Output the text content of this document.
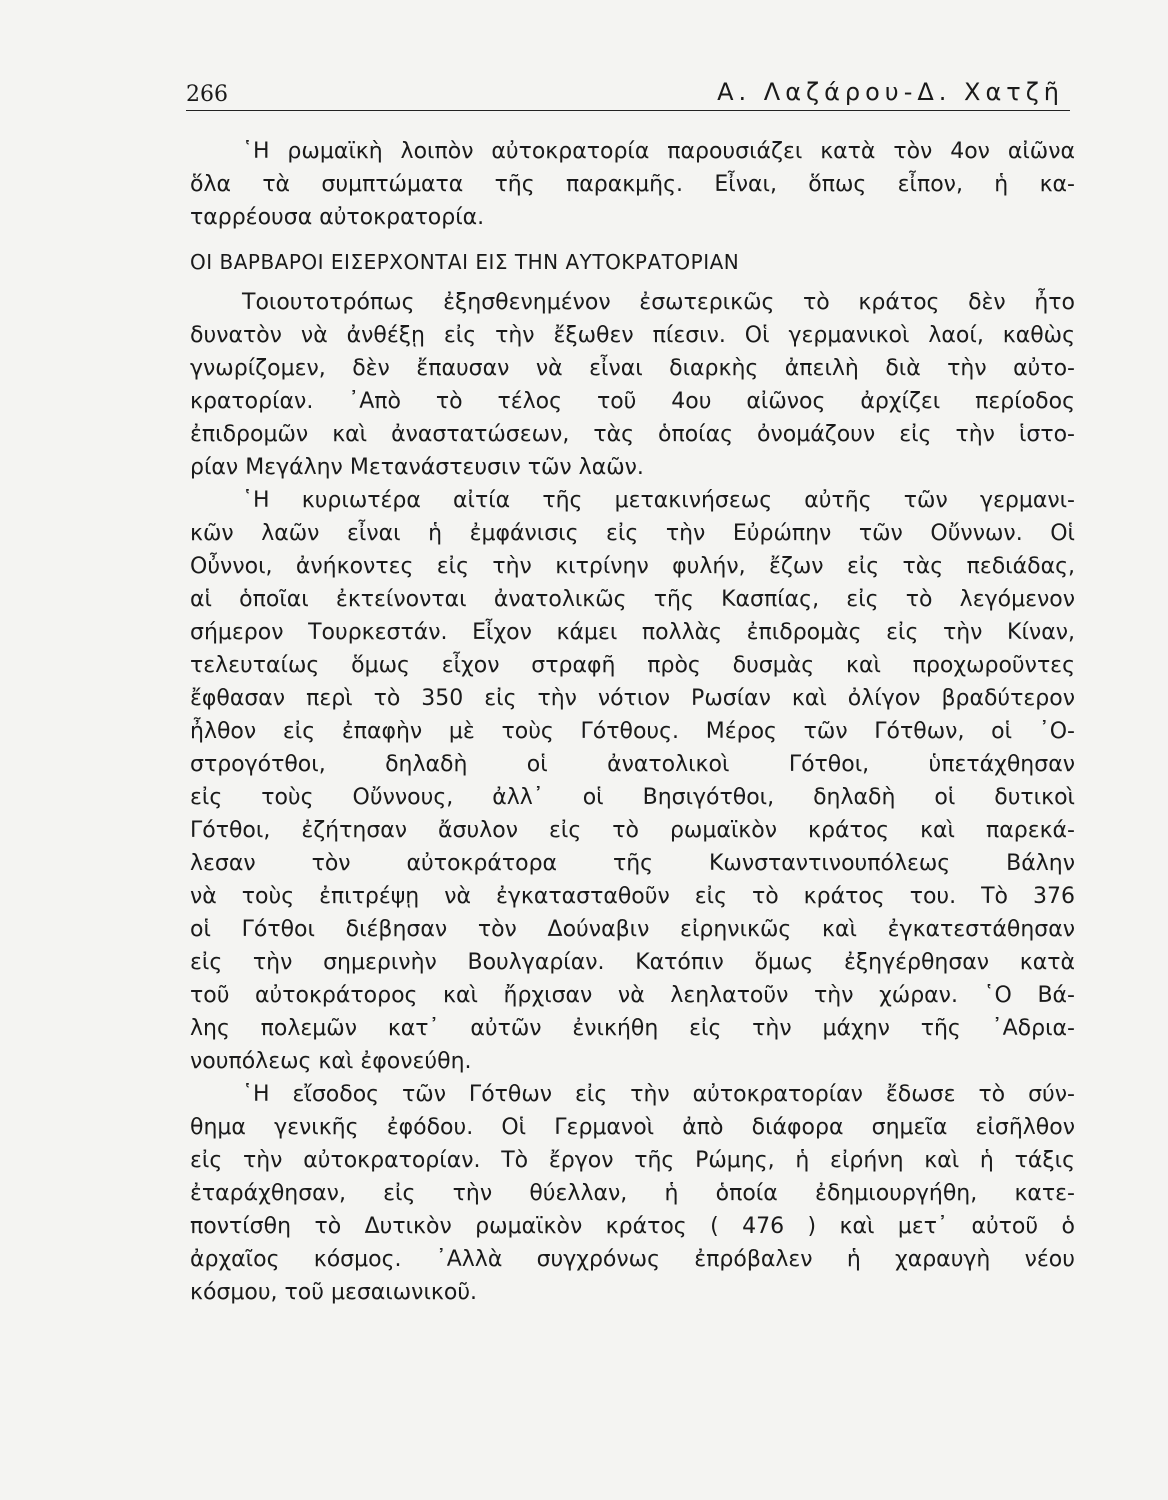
266	Α. Λαζάρου-Δ. Χατζῆ
῾Η ρωμαϊκὴ λοιπὸν αὐτοκρατορία παρουσιάζει κατὰ τὸν 4ον αἰῶνα
ὅλα τὰ συμπτώματα τῆς παρακμῆς. Εἶναι, ὅπως εἶπον, ἡ κα-
ταρρέουσα αὐτοκρατορία.
ΟΙ ΒΑΡΒΑΡΟΙ ΕΙΣΕΡΧΟΝΤΑΙ ΕΙΣ ΤΗΝ ΑΥΤΟΚΡΑΤΟΡΙΑΝ
Τοιουτοτρόπως ἐξησθενημένον ἐσωτερικῶς τὸ κράτος δὲν ἦτο
δυνατὸν νὰ ἀνθέξῃ εἰς τὴν ἔξωθεν πίεσιν. Οἱ γερμανικοὶ λαοί, καθὼς
γνωρίζομεν, δὲν ἔπαυσαν νὰ εἶναι διαρκὴς ἀπειλὴ διὰ τὴν αὐτο-
κρατορίαν. ᾿Απὸ τὸ τέλος τοῦ 4ου αἰῶνος ἀρχίζει περίοδος
ἐπιδρομῶν καὶ ἀναστατώσεων, τὰς ὁποίας ὀνομάζουν εἰς τὴν ἱστο-
ρίαν Μεγάλην Μετανάστευσιν τῶν λαῶν.
῾Η κυριωτέρα αἰτία τῆς μετακινήσεως αὐτῆς τῶν γερμανι-
κῶν λαῶν εἶναι ἡ ἐμφάνισις εἰς τὴν Εὐρώπην τῶν Οὔννων. Οἱ
Οὖννοι, ἀνήκοντες εἰς τὴν κιτρίνην φυλήν, ἔζων εἰς τὰς πεδιάδας,
αἱ ὁποῖαι ἐκτείνονται ἀνατολικῶς τῆς Κασπίας, εἰς τὸ λεγόμενον
σήμερον Τουρκεστάν. Εἶχον κάμει πολλὰς ἐπιδρομὰς εἰς τὴν Κίναν,
τελευταίως ὅμως εἶχον στραφῆ πρὸς δυσμὰς καὶ προχωροῦντες
ἔφθασαν περὶ τὸ 350 εἰς τὴν νότιον Ρωσίαν καὶ ὀλίγον βραδύτερον
ἦλθον εἰς ἐπαφὴν μὲ τοὺς Γότθους. Μέρος τῶν Γότθων, οἱ ᾿Ο-
στρογότθοι, δηλαδὴ οἱ ἀνατολικοὶ Γότθοι, ὑπετάχθησαν
εἰς τοὺς Οὔννους, ἀλλ᾿ οἱ Βησιγότθοι, δηλαδὴ οἱ δυτικοὶ
Γότθοι, ἐζήτησαν ἄσυλον εἰς τὸ ρωμαϊκὸν κράτος καὶ παρεκά-
λεσαν τὸν αὐτοκράτορα τῆς Κωνσταντινουπόλεως Βάλην
νὰ τοὺς ἐπιτρέψῃ νὰ ἐγκατασταθοῦν εἰς τὸ κράτος του. Τὸ 376
οἱ Γότθοι διέβησαν τὸν Δούναβιν εἰρηνικῶς καὶ ἐγκατεστάθησαν
εἰς τὴν σημερινὴν Βουλγαρίαν. Κατόπιν ὅμως ἐξηγέρθησαν κατὰ
τοῦ αὐτοκράτορος καὶ ἤρχισαν νὰ λεηλατοῦν τὴν χώραν. ῾Ο Βά-
λης πολεμῶν κατ᾿ αὐτῶν ἐνικήθη εἰς τὴν μάχην τῆς ᾿Αδρια-
νουπόλεως καὶ ἐφονεύθη.
῾Η εἴσοδος τῶν Γότθων εἰς τὴν αὐτοκρατορίαν ἔδωσε τὸ σύν-
θημα γενικῆς ἐφόδου. Οἱ Γερμανοὶ ἀπὸ διάφορα σημεῖα εἰσῆλθον
εἰς τὴν αὐτοκρατορίαν. Τὸ ἔργον τῆς Ρώμης, ἡ εἰρήνη καὶ ἡ τάξις
ἐταράχθησαν, εἰς τὴν θύελλαν, ἡ ὁποία ἐδημιουργήθη, κατε-
ποντίσθη τὸ Δυτικὸν ρωμαϊκὸν κράτος ( 476 ) καὶ μετ᾿ αὐτοῦ ὁ
ἀρχαῖος κόσμος. ᾿Αλλὰ συγχρόνως ἐπρόβαλεν ἡ χαραυγὴ νέου
κόσμου, τοῦ μεσαιωνικοῦ.
